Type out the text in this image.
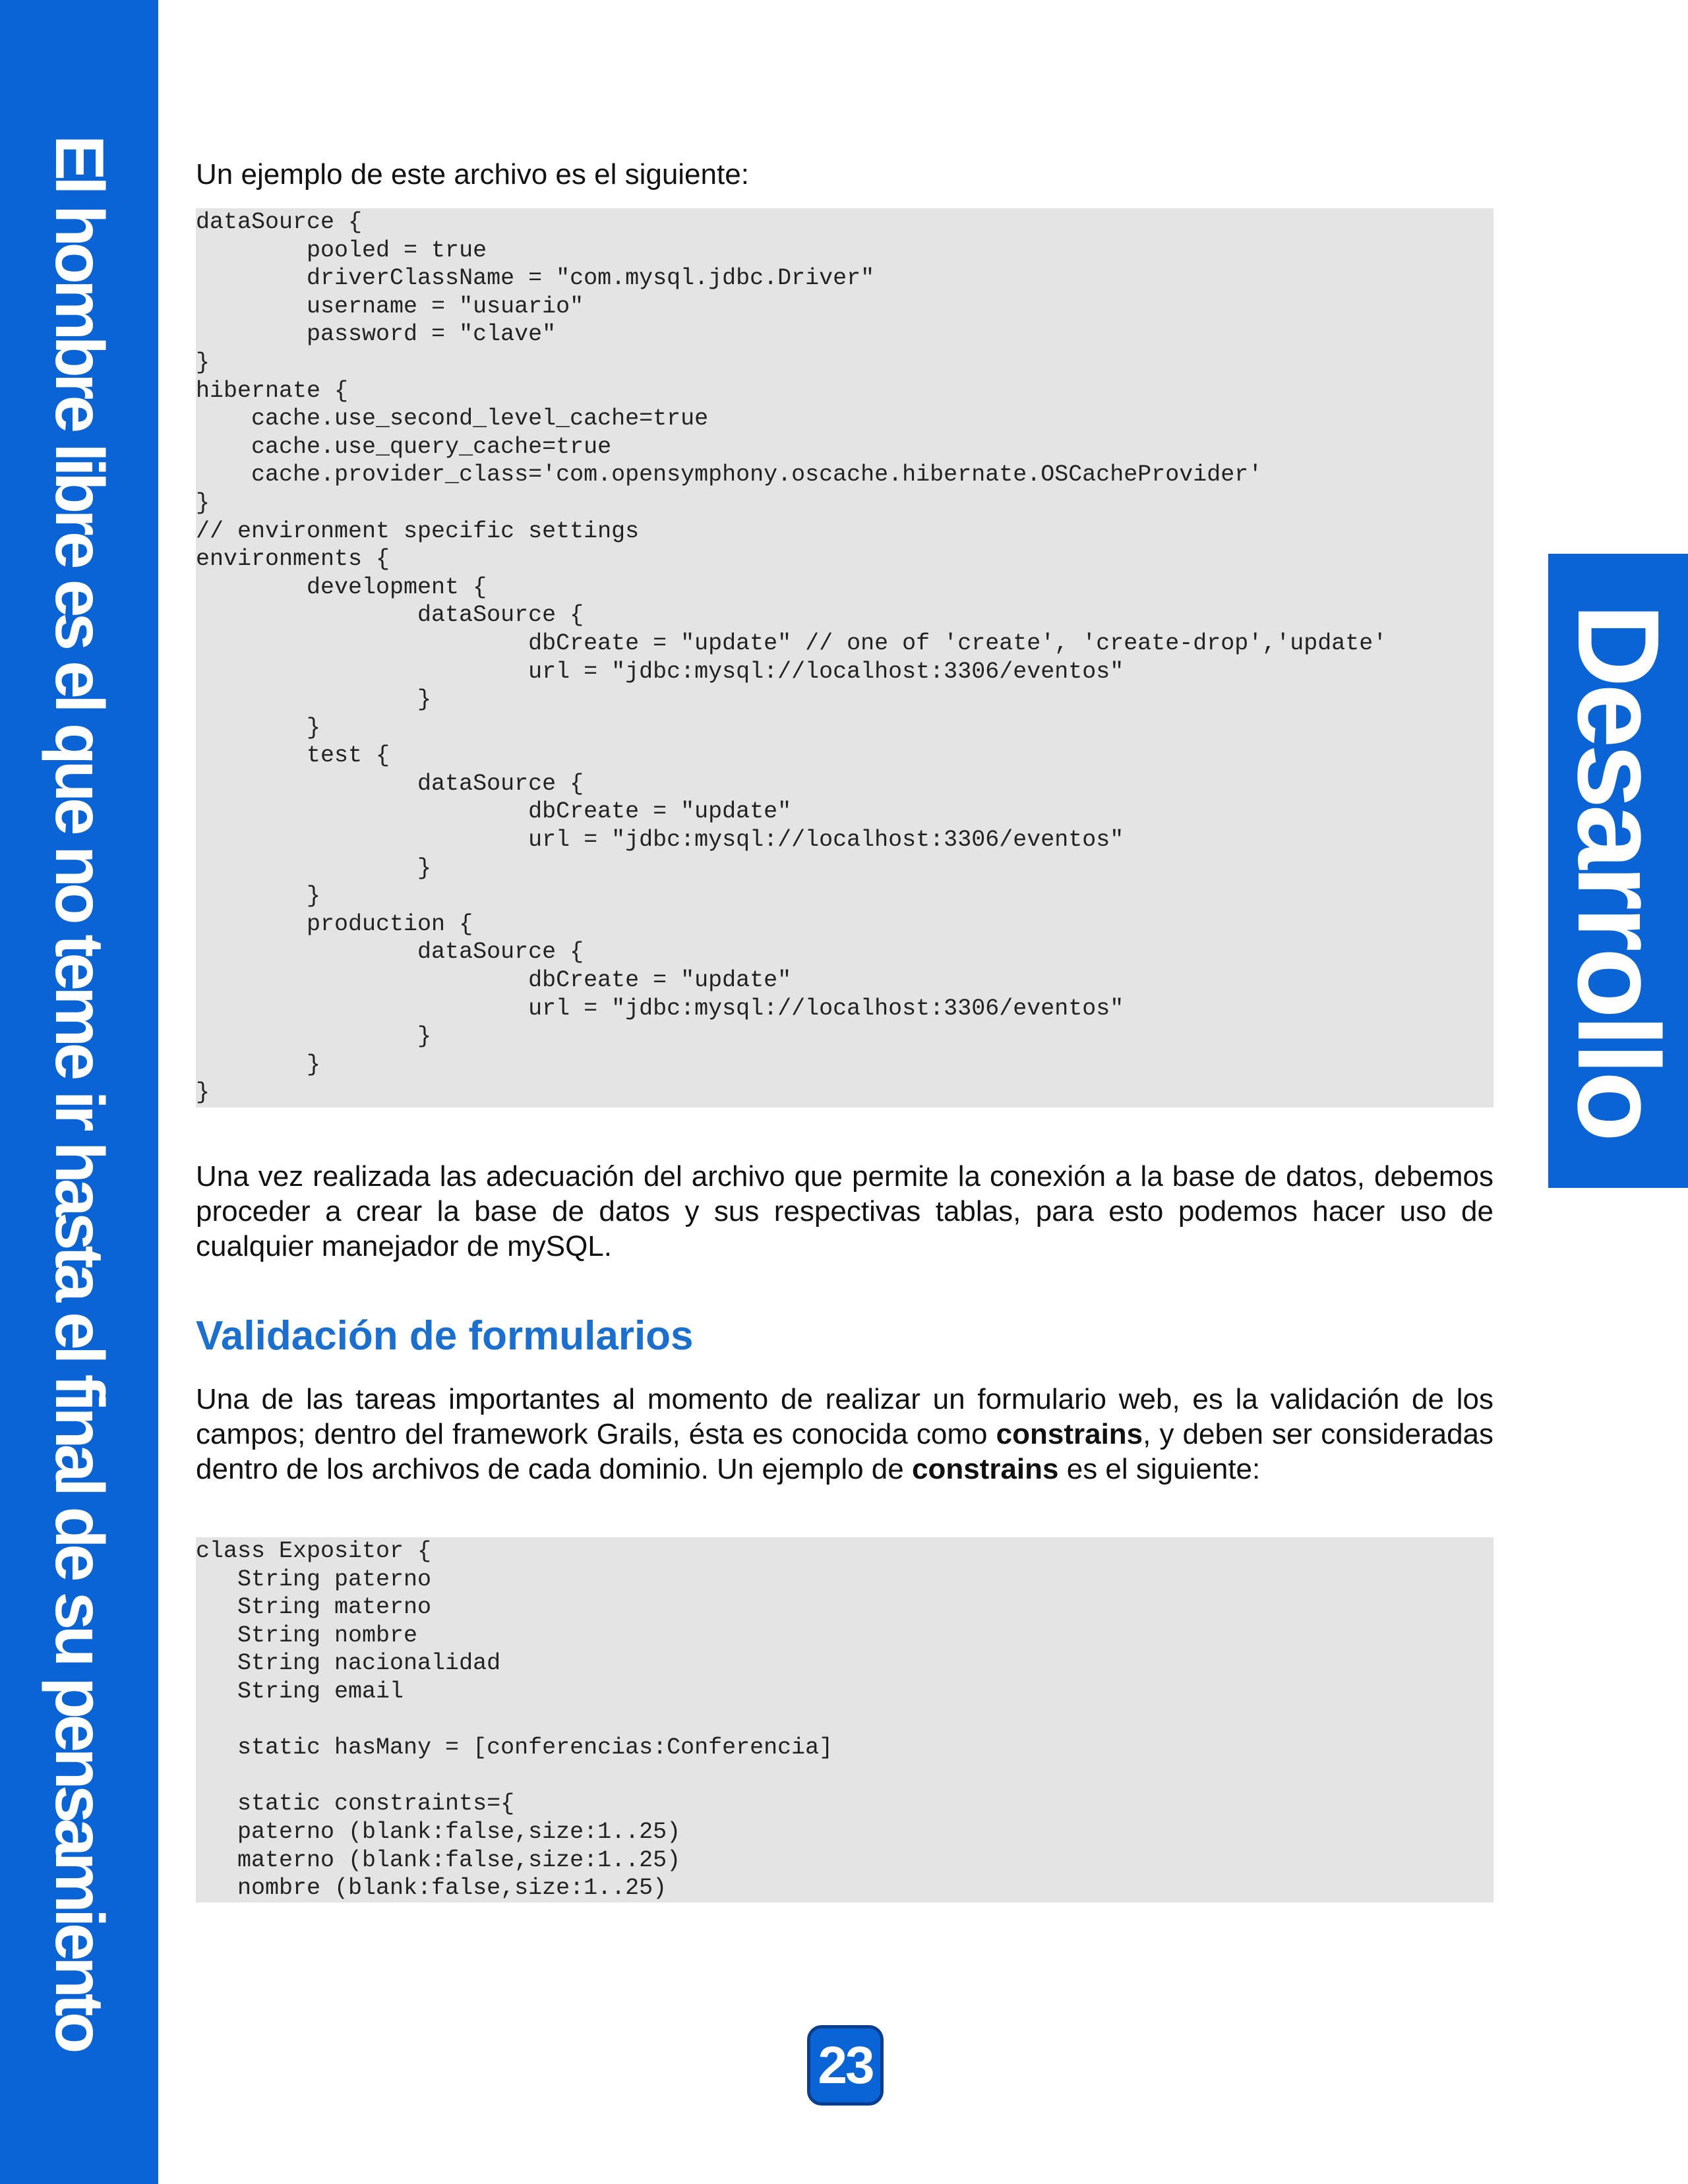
El hombre libre es el que no teme ir hasta el final de su pensamiento	Desarrollo

Un ejemplo de este archivo es el siguiente:

dataSource {
pooled = true
driverClassName = "com.mysql.jdbc.Driver"
username = "usuario"
password = "clave"
}
hibernate {
cache.use_second_level_cache=true
cache.use_query_cache=true
cache.provider_class='com.opensymphony.oscache.hibernate.OSCacheProvider'
}
// environment specific settings
environments {
development {
dataSource {
dbCreate = "update" // one of 'create', 'create-drop','update'
url = "jdbc:mysql://localhost:3306/eventos"
}
}
test {
dataSource {
dbCreate = "update"
url = "jdbc:mysql://localhost:3306/eventos"
}
}
production {
dataSource {
dbCreate = "update"
url = "jdbc:mysql://localhost:3306/eventos"
}
}
}

Una vez realizada las adecuación del archivo que permite la conexión a la base de datos, debemos proceder a crear la base de datos y sus respectivas tablas, para esto podemos hacer uso de cualquier manejador de mySQL.

Validación de formularios

Una de las tareas importantes al momento de realizar un formulario web, es la validación de los campos; dentro del framework Grails, ésta es conocida como constrains, y deben ser consideradas dentro de los archivos de cada dominio. Un ejemplo de constrains es el siguiente:

class Expositor {
String paterno
String materno
String nombre
String nacionalidad
String email

static hasMany = [conferencias:Conferencia]

static constraints={
paterno (blank:false,size:1..25)
materno (blank:false,size:1..25)
nombre (blank:false,size:1..25)
23
